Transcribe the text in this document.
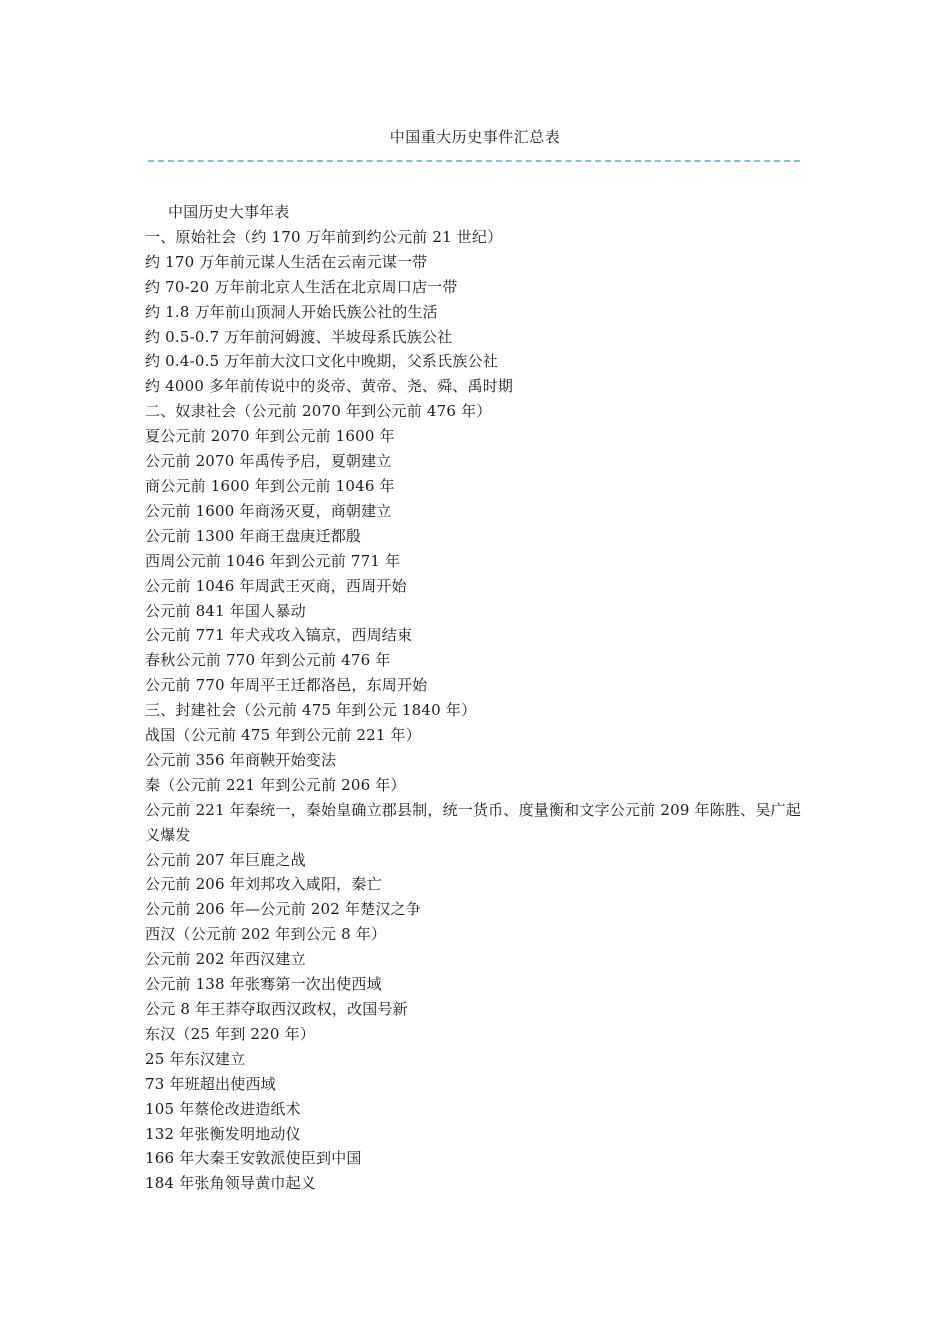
中国重大历史事件汇总表
中国历史大事年表
一、原始社会（约 170 万年前到约公元前 21 世纪）
约 170 万年前元谋人生活在云南元谋一带
约 70-20 万年前北京人生活在北京周口店一带
约 1.8 万年前山顶洞人开始氏族公社的生活
约 0.5-0.7 万年前河姆渡、半坡母系氏族公社
约 0.4-0.5 万年前大汶口文化中晚期，父系氏族公社
约 4000 多年前传说中的炎帝、黄帝、尧、舜、禹时期
二、奴隶社会（公元前 2070 年到公元前 476 年）
夏公元前 2070 年到公元前 1600 年
公元前 2070 年禹传予启，夏朝建立
商公元前 1600 年到公元前 1046 年
公元前 1600 年商汤灭夏，商朝建立
公元前 1300 年商王盘庚迁都殷
西周公元前 1046 年到公元前 771 年
公元前 1046 年周武王灭商，西周开始
公元前 841 年国人暴动
公元前 771 年犬戎攻入镐京，西周结束
春秋公元前 770 年到公元前 476 年
公元前 770 年周平王迁都洛邑，东周开始
三、封建社会（公元前 475 年到公元 1840 年）
战国（公元前 475 年到公元前 221 年）
公元前 356 年商鞅开始变法
秦（公元前 221 年到公元前 206 年）
公元前 221 年秦统一，秦始皇确立郡县制，统一货币、度量衡和文字公元前 209 年陈胜、吴广起义爆发
公元前 207 年巨鹿之战
公元前 206 年刘邦攻入咸阳，秦亡
公元前 206 年—公元前 202 年楚汉之争
西汉（公元前 202 年到公元 8 年）
公元前 202 年西汉建立
公元前 138 年张骞第一次出使西域
公元 8 年王莽夺取西汉政权，改国号新
东汉（25 年到 220 年）
25 年东汉建立
73 年班超出使西域
105 年蔡伦改进造纸术
132 年张衡发明地动仪
166 年大秦王安敦派使臣到中国
184 年张角领导黄巾起义
